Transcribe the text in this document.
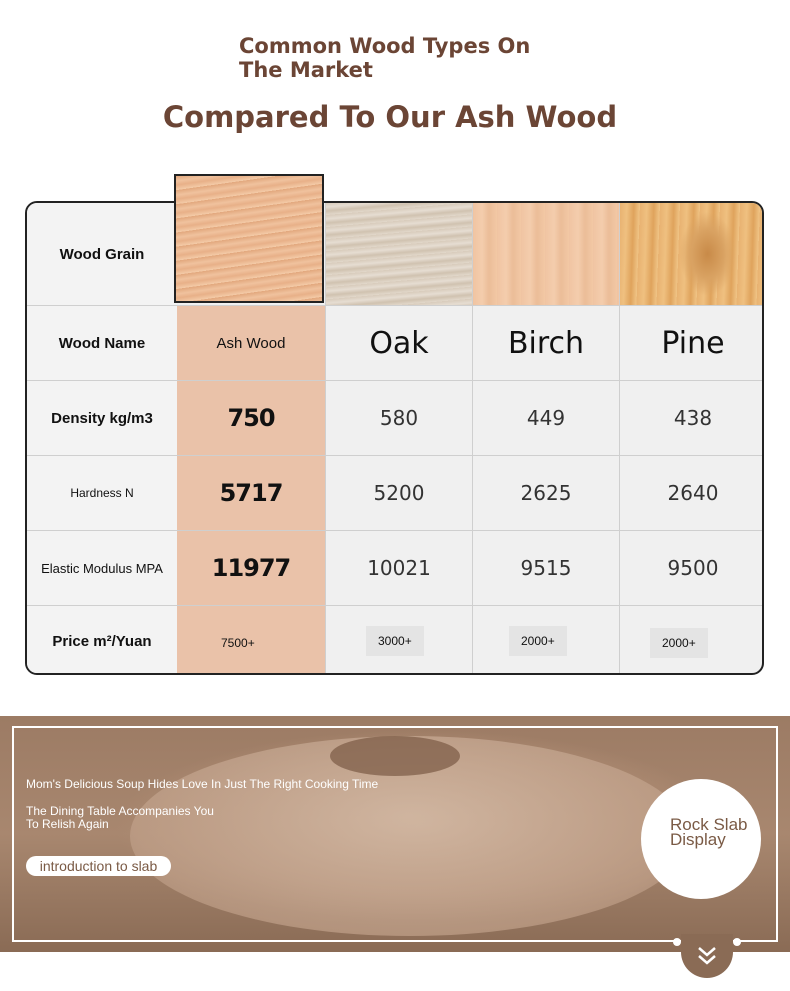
Common Wood Types On The Market
Compared To Our Ash Wood
Wood Grain
Wood Name	Ash Wood	Oak	Birch	Pine
Density kg/m3	750	580	449	438
Hardness N	5717	5200	2625	2640
Elastic Modulus MPA 11977	10021	9515	9500
Price m²/Yuan	7500+	3000+	2000+	2000+
Mom's Delicious Soup Hides Love In Just The Right Cooking Time
The Dining Table Accompanies You To Relish Again
introduction to slab
Rock Slab Display
